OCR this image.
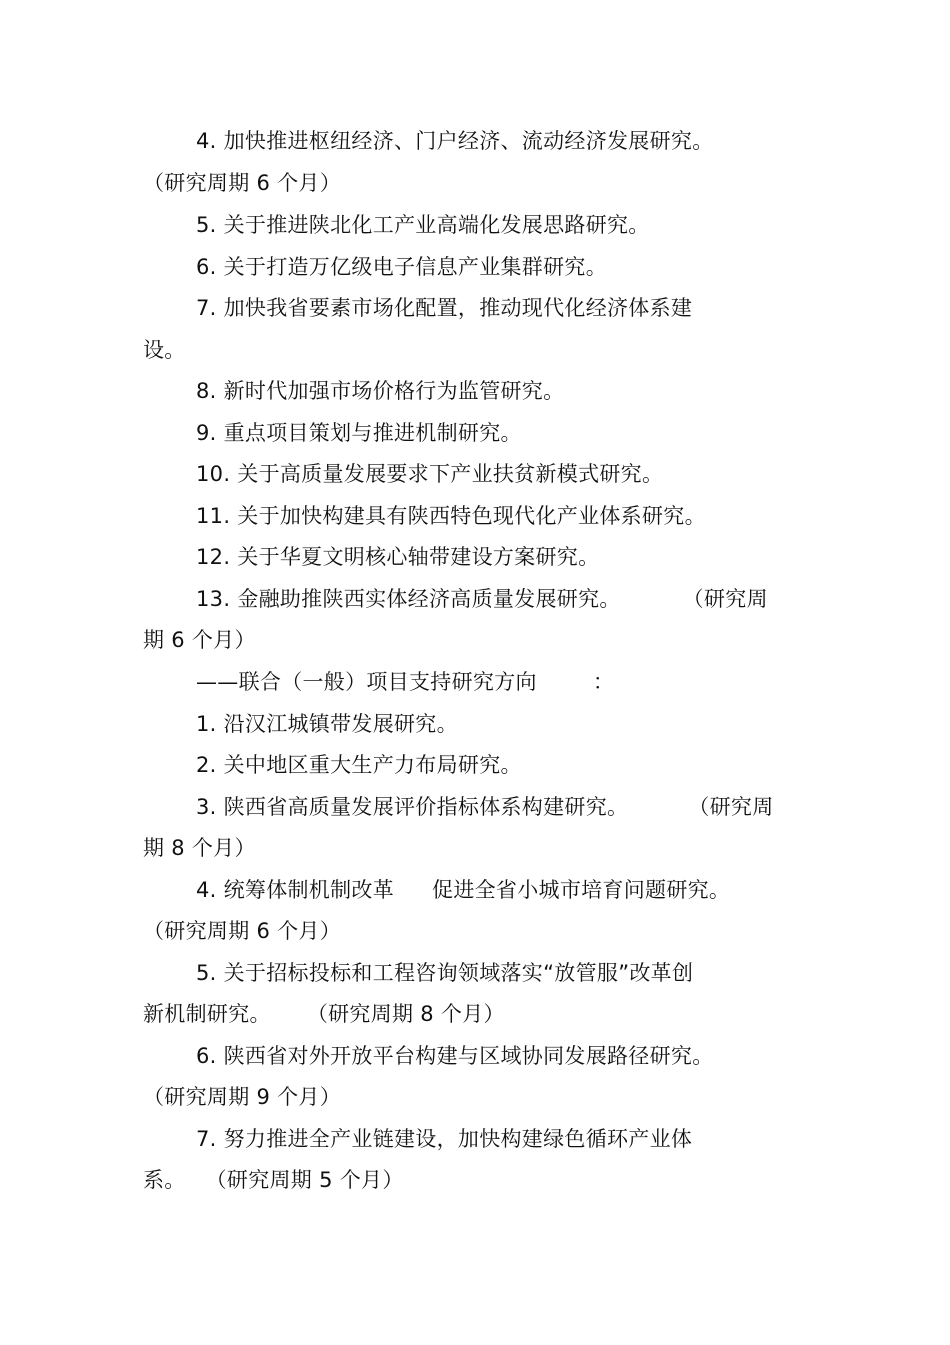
4. 加快推进枢纽经济、门户经济、流动经济发展研究。
（研究周期 6 个月）
5. 关于推进陕北化工产业高端化发展思路研究。
6. 关于打造万亿级电子信息产业集群研究。
7. 加快我省要素市场化配置，推动现代化经济体系建
设。
8. 新时代加强市场价格行为监管研究。
9. 重点项目策划与推进机制研究。
10. 关于高质量发展要求下产业扶贫新模式研究。
11. 关于加快构建具有陕西特色现代化产业体系研究。
12. 关于华夏文明核心轴带建设方案研究。
13. 金融助推陕西实体经济高质量发展研究。	（研究周
期 6 个月）
——联合（一般）项目支持研究方向	：
1. 沿汉江城镇带发展研究。
2. 关中地区重大生产力布局研究。
3. 陕西省高质量发展评价指标体系构建研究。	（研究周
期 8 个月）
4. 统筹体制机制改革 促进全省小城市培育问题研究。
（研究周期 6 个月）
5. 关于招标投标和工程咨询领域落实“放管服”改革创
新机制研究。 （研究周期 8 个月）
6. 陕西省对外开放平台构建与区域协同发展路径研究。
（研究周期 9 个月）
7. 努力推进全产业链建设，加快构建绿色循环产业体
系。 （研究周期 5 个月）
